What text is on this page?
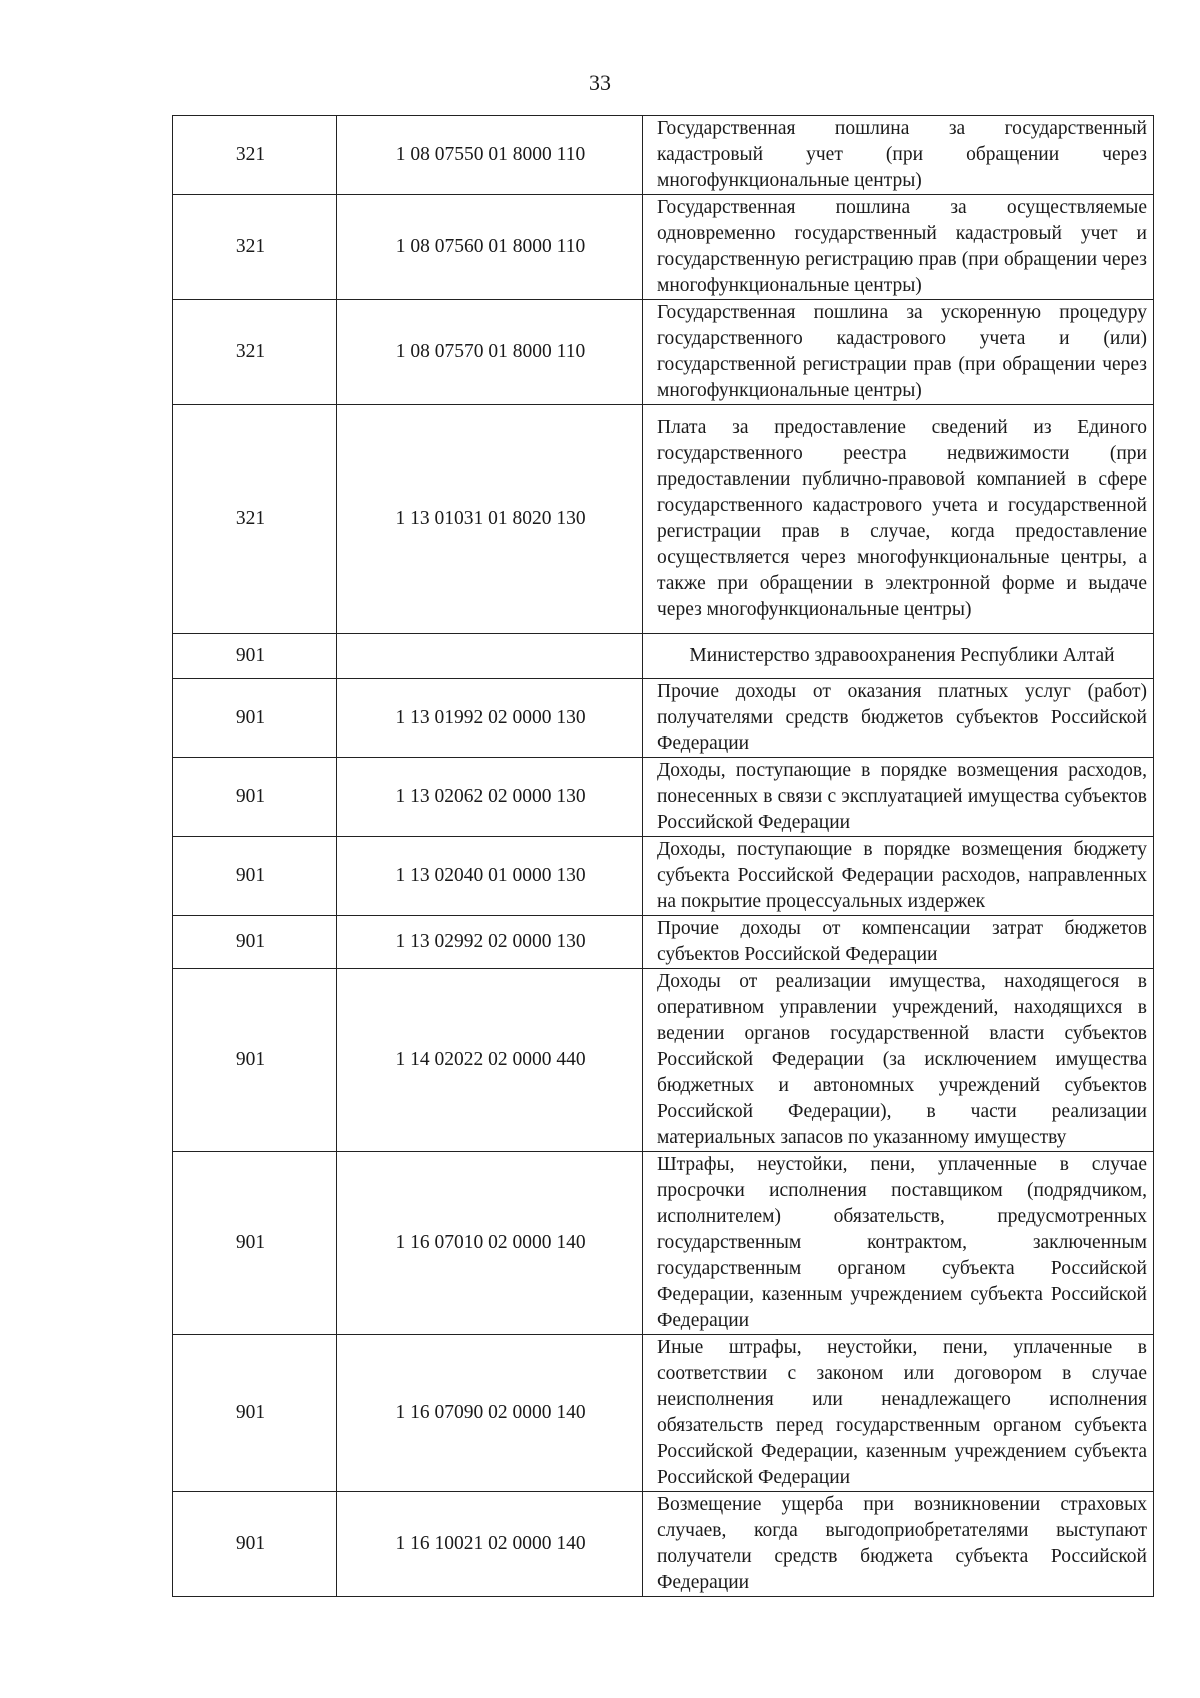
33
321	1 08 07550 01 8000 110	Государственная пошлина за государственный кадастровый учет (при обращении через многофункциональные центры)
321	1 08 07560 01 8000 110	Государственная пошлина за осуществляемые одновременно государственный кадастровый учет и государственную регистрацию прав (при обращении через многофункциональные центры)
321	1 08 07570 01 8000 110	Государственная пошлина за ускоренную процедуру государственного кадастрового учета и (или) государственной регистрации прав (при обращении через многофункциональные центры)
321	1 13 01031 01 8020 130	Плата за предоставление сведений из Единого государственного реестра недвижимости (при предоставлении публично-правовой компанией в сфере государственного кадастрового учета и государственной регистрации прав в случае, когда предоставление осуществляется через многофункциональные центры, а также при обращении в электронной форме и выдаче через многофункциональные центры)
901		Министерство здравоохранения Республики Алтай
901	1 13 01992 02 0000 130	Прочие доходы от оказания платных услуг (работ) получателями средств бюджетов субъектов Российской Федерации
901	1 13 02062 02 0000 130	Доходы, поступающие в порядке возмещения расходов, понесенных в связи с эксплуатацией имущества субъектов Российской Федерации
901	1 13 02040 01 0000 130	Доходы, поступающие в порядке возмещения бюджету субъекта Российской Федерации расходов, направленных на покрытие процессуальных издержек
901	1 13 02992 02 0000 130	Прочие доходы от компенсации затрат бюджетов субъектов Российской Федерации
901	1 14 02022 02 0000 440	Доходы от реализации имущества, находящегося в оперативном управлении учреждений, находящихся в ведении органов государственной власти субъектов Российской Федерации (за исключением имущества бюджетных и автономных учреждений субъектов Российской Федерации), в части реализации материальных запасов по указанному имуществу
901	1 16 07010 02 0000 140	Штрафы, неустойки, пени, уплаченные в случае просрочки исполнения поставщиком (подрядчиком, исполнителем) обязательств, предусмотренных государственным контрактом, заключенным государственным органом субъекта Российской Федерации, казенным учреждением субъекта Российской Федерации
901	1 16 07090 02 0000 140	Иные штрафы, неустойки, пени, уплаченные в соответствии с законом или договором в случае неисполнения или ненадлежащего исполнения обязательств перед государственным органом субъекта Российской Федерации, казенным учреждением субъекта Российской Федерации
901	1 16 10021 02 0000 140	Возмещение ущерба при возникновении страховых случаев, когда выгодоприобретателями выступают получатели средств бюджета субъекта Российской Федерации
